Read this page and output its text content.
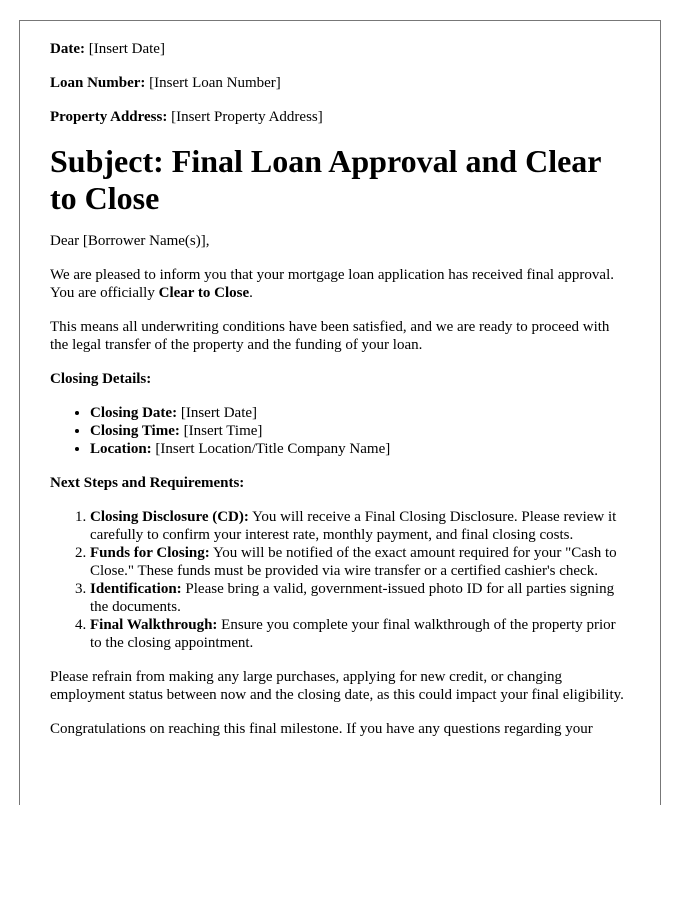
Date: [Insert Date]
Loan Number: [Insert Loan Number]
Property Address: [Insert Property Address]
Subject: Final Loan Approval and Clear to Close

Dear [Borrower Name(s)],

We are pleased to inform you that your mortgage loan application has received final approval. You are officially Clear to Close.

This means all underwriting conditions have been satisfied, and we are ready to proceed with the legal transfer of the property and the funding of your loan.

Closing Details:
• Closing Date: [Insert Date]
• Closing Time: [Insert Time]
• Location: [Insert Location/Title Company Name]
Next Steps and Requirements:
1. Closing Disclosure (CD): You will receive a Final Closing Disclosure. Please review it carefully to confirm your interest rate, monthly payment, and final closing costs.
2. Funds for Closing: You will be notified of the exact amount required for your "Cash to Close." These funds must be provided via wire transfer or a certified cashier's check.
3. Identification: Please bring a valid, government-issued photo ID for all parties signing the documents.
4. Final Walkthrough: Ensure you complete your final walkthrough of the property prior to the closing appointment.

Please refrain from making any large purchases, applying for new credit, or changing employment status between now and the closing date, as this could impact your final eligibility.

Congratulations on reaching this final milestone. If you have any questions regarding your
